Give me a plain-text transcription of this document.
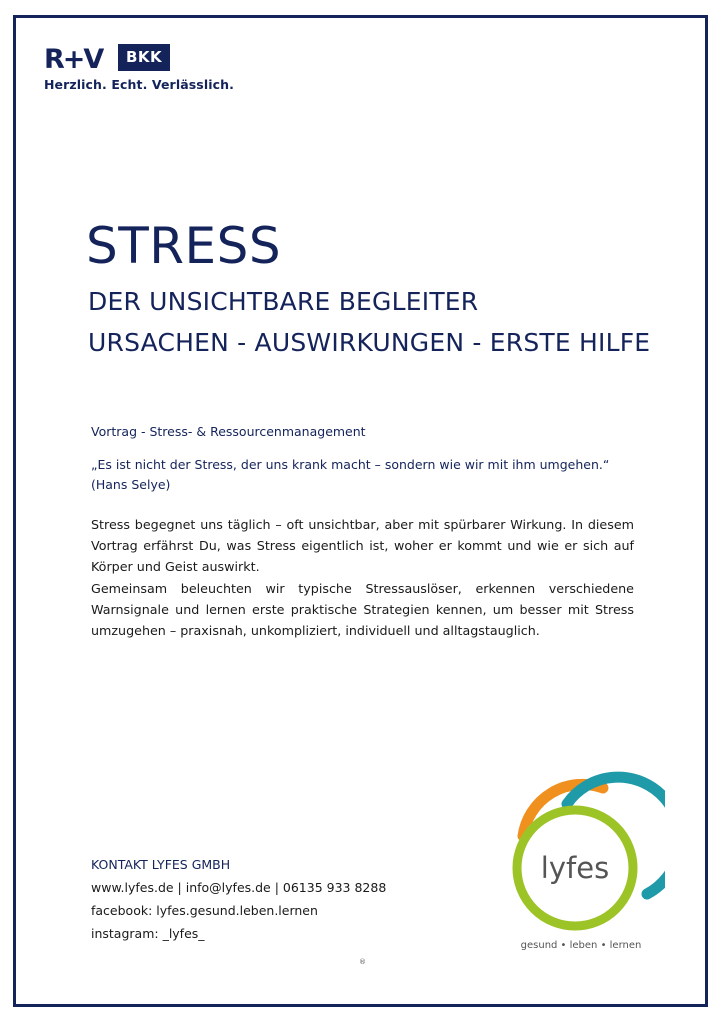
R+V	BKK
Herzlich. Echt. Verlässlich.
STRESS
DER UNSICHTBARE BEGLEITER
URSACHEN - AUSWIRKUNGEN - ERSTE HILFE
Vortrag - Stress- & Ressourcenmanagement
„Es ist nicht der Stress, der uns krank macht – sondern wie wir mit ihm umgehen.“
(Hans Selye)

Stress begegnet uns täglich – oft unsichtbar, aber mit spürbarer Wirkung. In diesem Vortrag erfährst Du, was Stress eigentlich ist, woher er kommt und wie er sich auf Körper und Geist auswirkt.

Gemeinsam beleuchten wir typische Stressauslöser, erkennen verschiedene Warnsignale und lernen erste praktische Strategien kennen, um besser mit Stress umzugehen – praxisnah, unkompliziert, individuell und alltagstauglich.

KONTAKT LYFES GMBH
www.lyfes.de | info@lyfes.de | 06135 933 8288
facebook: lyfes.gesund.leben.lernen
instagram: _lyfes_
lyfes
gesund • leben • lernen
®
